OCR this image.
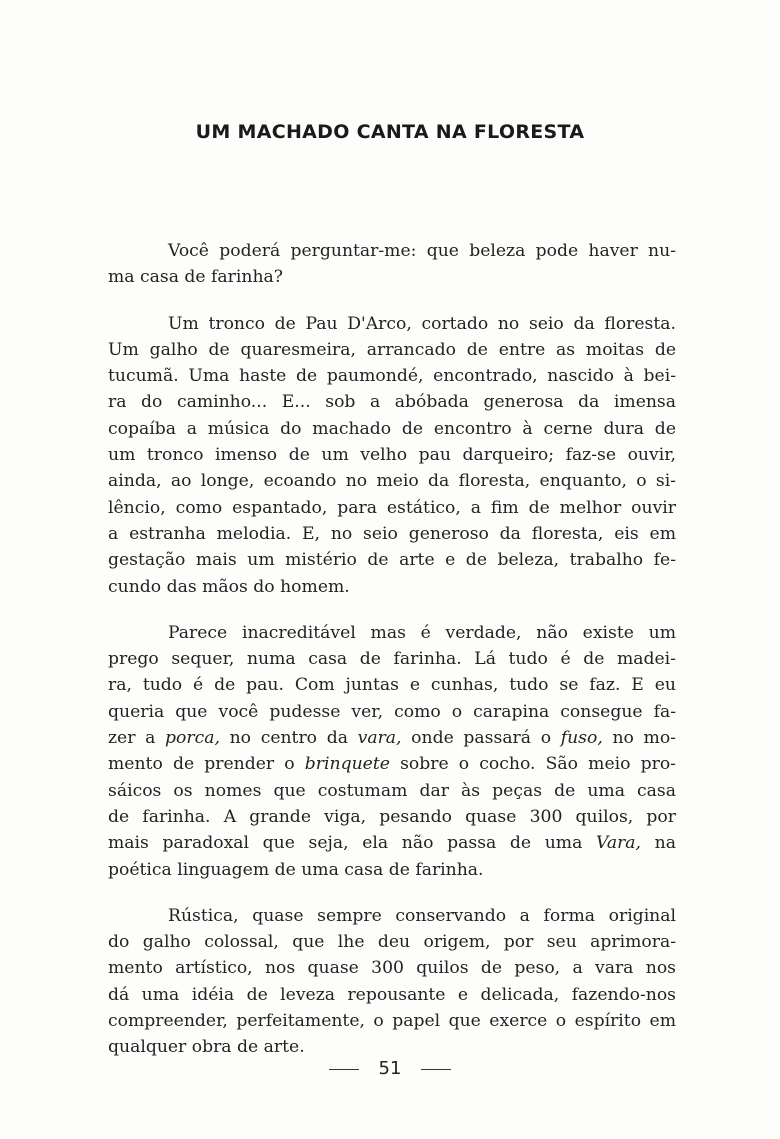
UM MACHADO CANTA NA FLORESTA
Você poderá perguntar-me: que beleza pode haver nu-
ma casa de farinha?
Um tronco de Pau D'Arco, cortado no seio da floresta.
Um galho de quaresmeira, arrancado de entre as moitas de
tucumã. Uma haste de paumondé, encontrado, nascido à bei-
ra do caminho... E... sob a abóbada generosa da imensa
copaíba a música do machado de encontro à cerne dura de
um tronco imenso de um velho pau darqueiro; faz-se ouvir,
ainda, ao longe, ecoando no meio da floresta, enquanto, o si-
lêncio, como espantado, para estático, a fim de melhor ouvir
a estranha melodia. E, no seio generoso da floresta, eis em
gestação mais um mistério de arte e de beleza, trabalho fe-
cundo das mãos do homem.
Parece inacreditável mas é verdade, não existe um
prego sequer, numa casa de farinha. Lá tudo é de madei-
ra, tudo é de pau. Com juntas e cunhas, tudo se faz. E eu
queria que você pudesse ver, como o carapina consegue fa-
zer a porca, no centro da vara, onde passará o fuso, no mo-
mento de prender o brinquete sobre o cocho. São meio pro-
sáicos os nomes que costumam dar às peças de uma casa
de farinha. A grande viga, pesando quase 300 quilos, por
mais paradoxal que seja, ela não passa de uma Vara, na
poética linguagem de uma casa de farinha.
Rústica, quase sempre conservando a forma original
do galho colossal, que lhe deu origem, por seu aprimora-
mento artístico, nos quase 300 quilos de peso, a vara nos
dá uma idéia de leveza repousante e delicada, fazendo-nos
compreender, perfeitamente, o papel que exerce o espírito em
qualquer obra de arte.
51
